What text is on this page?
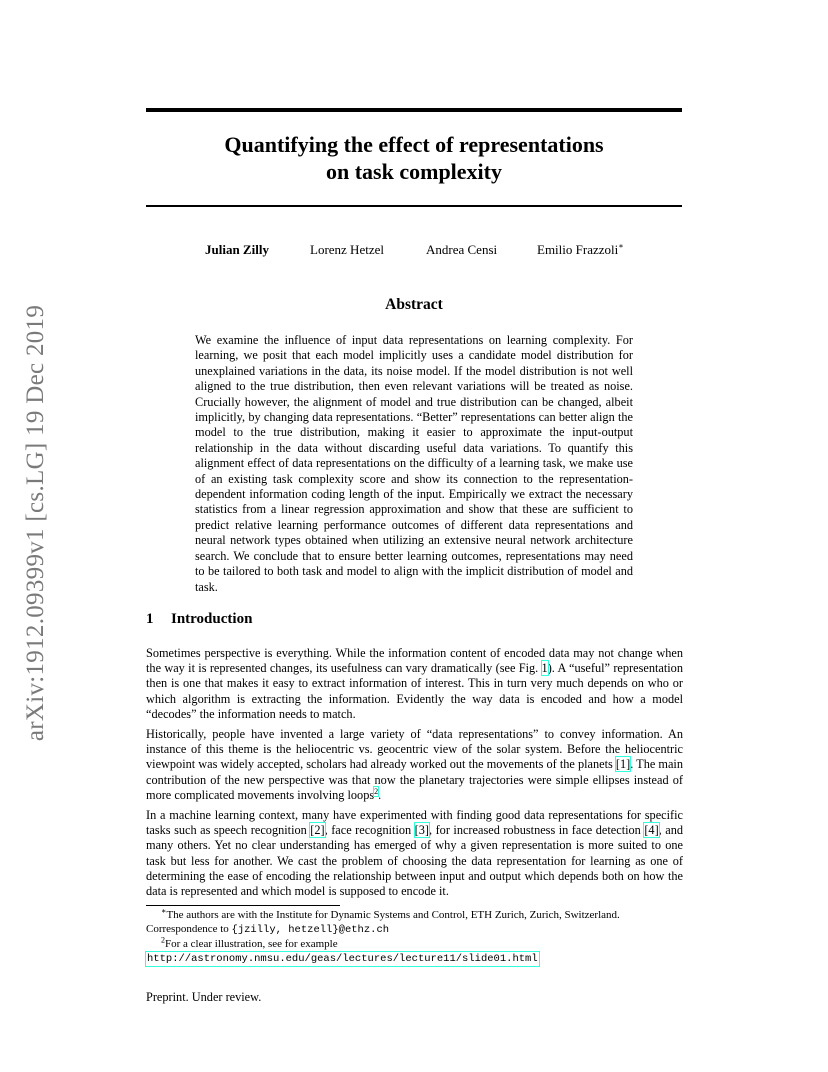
arXiv:1912.09399v1 [cs.LG] 19 Dec 2019
Quantifying the effect of representations
on task complexity
Julian Zilly	Lorenz Hetzel	Andrea Censi	Emilio Frazzoli∗
Abstract
We examine the influence of input data representations on learning complexity. For learning, we posit that each model implicitly uses a candidate model distribution for unexplained variations in the data, its noise model. If the model distribution is not well aligned to the true distribution, then even relevant variations will be treated as noise. Crucially however, the alignment of model and true distribution can be changed, albeit implicitly, by changing data representations. “Better” representations can better align the model to the true distribution, making it easier to approximate the input-output relationship in the data without discarding useful data variations. To quantify this alignment effect of data representations on the difficulty of a learning task, we make use of an existing task complexity score and show its connection to the representation-dependent information coding length of the input. Empirically we extract the necessary statistics from a linear regression approximation and show that these are sufficient to predict relative learning performance outcomes of different data representations and neural network types obtained when utilizing an extensive neural network architecture search. We conclude that to ensure better learning outcomes, representations may need to be tailored to both task and model to align with the implicit distribution of model and task.
1 Introduction

Sometimes perspective is everything. While the information content of encoded data may not change when the way it is represented changes, its usefulness can vary dramatically (see Fig. 1). A “useful” representation then is one that makes it easy to extract information of interest. This in turn very much depends on who or which algorithm is extracting the information. Evidently the way data is encoded and how a model “decodes” the information needs to match.

Historically, people have invented a large variety of “data representations” to convey information. An instance of this theme is the heliocentric vs. geocentric view of the solar system. Before the heliocentric viewpoint was widely accepted, scholars had already worked out the movements of the planets [1]. The main contribution of the new perspective was that now the planetary trajectories were simple ellipses instead of more complicated movements involving loops$^2$.

In a machine learning context, many have experimented with finding good data representations for specific tasks such as speech recognition [2], face recognition [3], for increased robustness in face detection [4], and many others. Yet no clear understanding has emerged of why a given representation is more suited to one task but less for another. We cast the problem of choosing the data representation for learning as one of determining the ease of encoding the relationship between input and output which depends both on how the data is represented and which model is supposed to encode it.

∗The authors are with the Institute for Dynamic Systems and Control, ETH Zurich, Zurich, Switzerland. Correspondence to {jzilly, hetzell}@ethz.ch
$^2$For a clear illustration, see for example
http://astronomy.nmsu.edu/geas/lectures/lecture11/slide01.html
Preprint. Under review.
